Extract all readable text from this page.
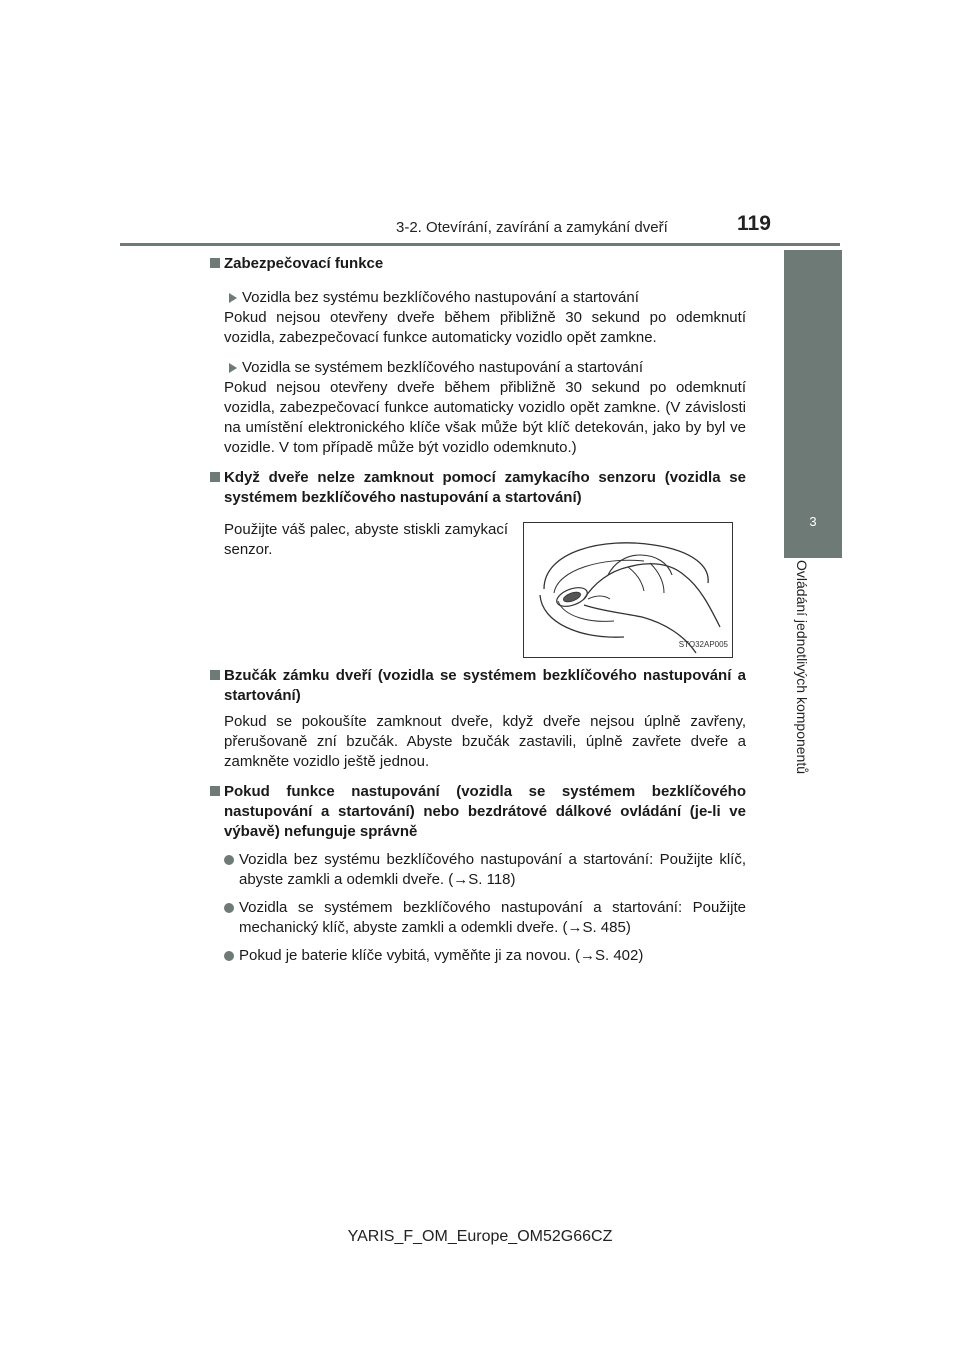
3-2. Otevírání, zavírání a zamykání dveří	119
3
Ovládání jednotlivých komponentů

Zabezpečovací funkce

Vozidla bez systému bezklíčového nastupování a startování

Pokud nejsou otevřeny dveře během přibližně 30 sekund po odemknutí vozidla, zabezpečovací funkce automaticky vozidlo opět zamkne.

Vozidla se systémem bezklíčového nastupování a startování

Pokud nejsou otevřeny dveře během přibližně 30 sekund po odemknutí vozidla, zabezpečovací funkce automaticky vozidlo opět zamkne. (V závislosti na umístění elektronického klíče však může být klíč detekován, jako by byl ve vozidle. V tom případě může být vozidlo odemknuto.)

Když dveře nelze zamknout pomocí zamykacího senzoru (vozidla se systémem bezklíčového nastupování a startování)

Použijte váš palec, abyste stiskli zamykací senzor.
STO32AP005

Bzučák zámku dveří (vozidla se systémem bezklíčového nastupování a startování)

Pokud se pokoušíte zamknout dveře, když dveře nejsou úplně zavřeny, přerušovaně zní bzučák. Abyste bzučák zastavili, úplně zavřete dveře a zamkněte vozidlo ještě jednou.

Pokud funkce nastupování (vozidla se systémem bezklíčového nastupování a startování) nebo bezdrátové dálkové ovládání (je-li ve výbavě) nefunguje správně

Vozidla bez systému bezklíčového nastupování a startování: Použijte klíč, abyste zamkli a odemkli dveře. (→S. 118)

Vozidla se systémem bezklíčového nastupování a startování: Použijte mechanický klíč, abyste zamkli a odemkli dveře. (→S. 485)

Pokud je baterie klíče vybitá, vyměňte ji za novou. (→S. 402)

YARIS_F_OM_Europe_OM52G66CZ
